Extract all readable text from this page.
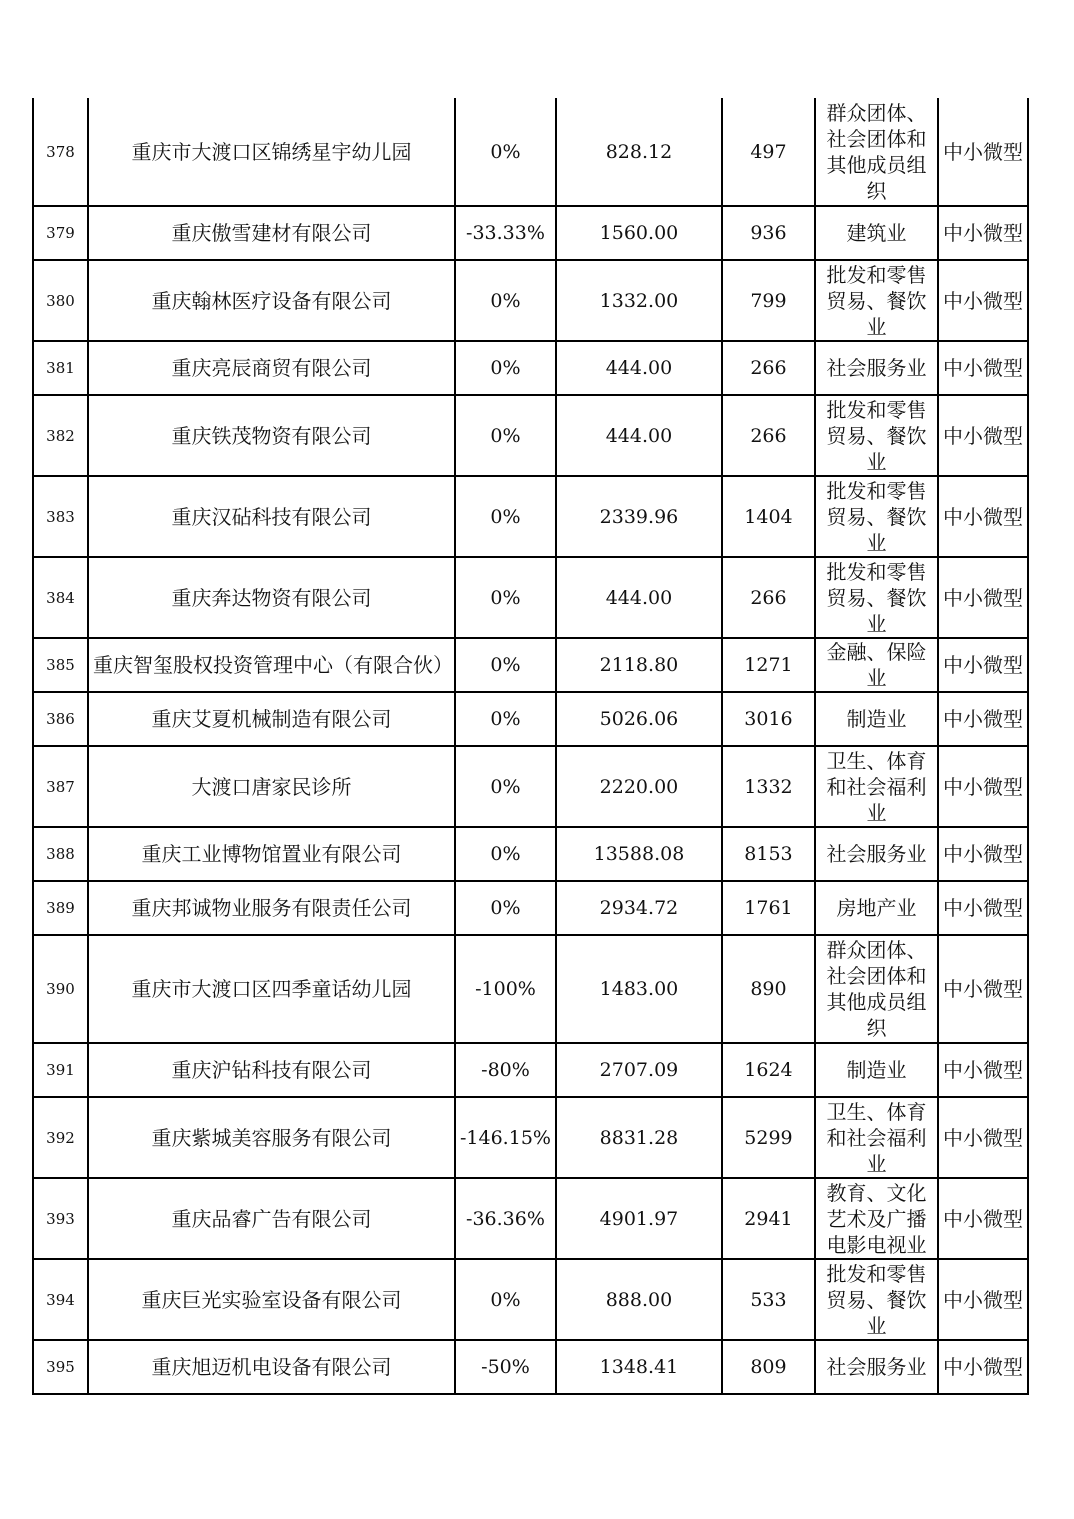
378	重庆市大渡口区锦绣星宇幼儿园	0%	828.12	497	群众团体、社会团体和其他成员组织	中小微型
379	重庆傲雪建材有限公司	-33.33%	1560.00	936	建筑业	中小微型
380	重庆翰林医疗设备有限公司	0%	1332.00	799	批发和零售贸易、餐饮业	中小微型
381	重庆亮辰商贸有限公司	0%	444.00	266	社会服务业	中小微型
382	重庆铁茂物资有限公司	0%	444.00	266	批发和零售贸易、餐饮业	中小微型
383	重庆汉砧科技有限公司	0%	2339.96	1404	批发和零售贸易、餐饮业	中小微型
384	重庆奔达物资有限公司	0%	444.00	266	批发和零售贸易、餐饮业	中小微型
385	重庆智玺股权投资管理中心（有限合伙）	0%	2118.80	1271	金融、保险业	中小微型
386	重庆艾夏机械制造有限公司	0%	5026.06	3016	制造业	中小微型
387	大渡口唐家民诊所	0%	2220.00	1332	卫生、体育和社会福利业	中小微型
388	重庆工业博物馆置业有限公司	0%	13588.08	8153	社会服务业	中小微型
389	重庆邦诚物业服务有限责任公司	0%	2934.72	1761	房地产业	中小微型
390	重庆市大渡口区四季童话幼儿园	-100%	1483.00	890	群众团体、社会团体和其他成员组织	中小微型
391	重庆沪钻科技有限公司	-80%	2707.09	1624	制造业	中小微型
392	重庆紫城美容服务有限公司	-146.15%	8831.28	5299	卫生、体育和社会福利业	中小微型
393	重庆品睿广告有限公司	-36.36%	4901.97	2941	教育、文化艺术及广播电影电视业	中小微型
394	重庆巨光实验室设备有限公司	0%	888.00	533	批发和零售贸易、餐饮业	中小微型
395	重庆旭迈机电设备有限公司	-50%	1348.41	809	社会服务业	中小微型
